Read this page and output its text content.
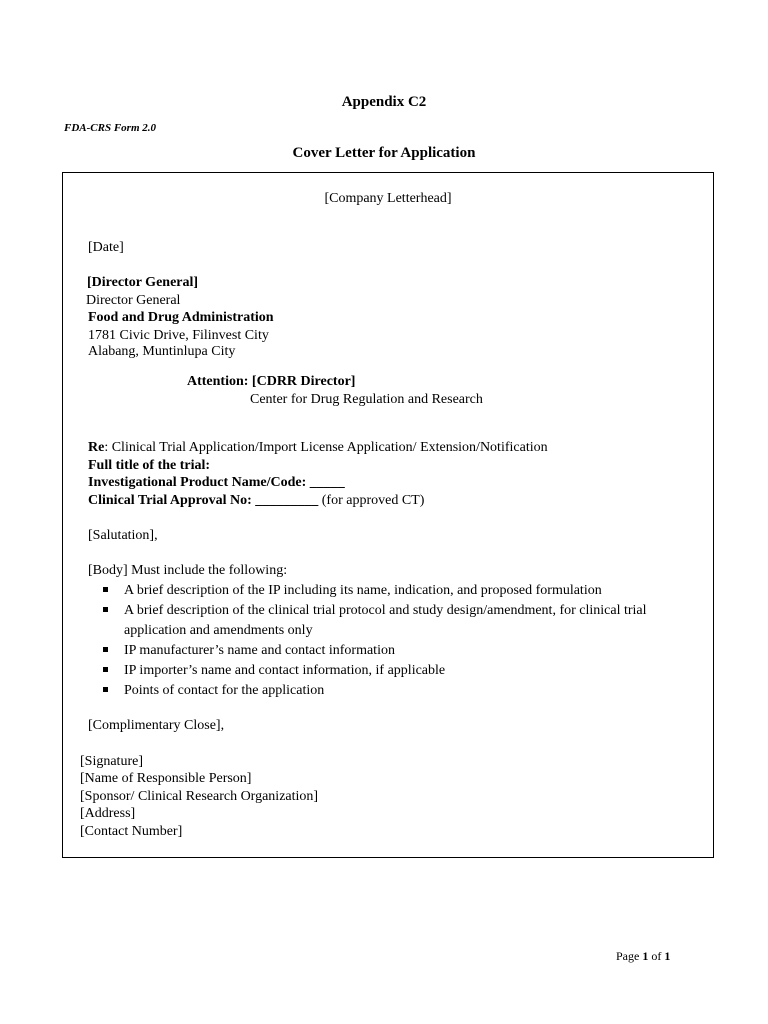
Appendix C2
FDA-CRS Form 2.0
Cover Letter for Application
[Company Letterhead]
[Date]
[Director General]
Director General
Food and Drug Administration
1781 Civic Drive, Filinvest City
Alabang, Muntinlupa City
Attention: [CDRR Director]
Center for Drug Regulation and Research
Re: Clinical Trial Application/Import License Application/ Extension/Notification
Full title of the trial:
Investigational Product Name/Code: _____
Clinical Trial Approval No: _________ (for approved CT)
[Salutation],
[Body] Must include the following:
A brief description of the IP including its name, indication, and proposed formulation
A brief description of the clinical trial protocol and study design/amendment, for clinical trial
application and amendments only
IP manufacturer’s name and contact information
IP importer’s name and contact information, if applicable
Points of contact for the application
[Complimentary Close],
[Signature]
[Name of Responsible Person]
[Sponsor/ Clinical Research Organization]
[Address]
[Contact Number]
Page 1 of 1
